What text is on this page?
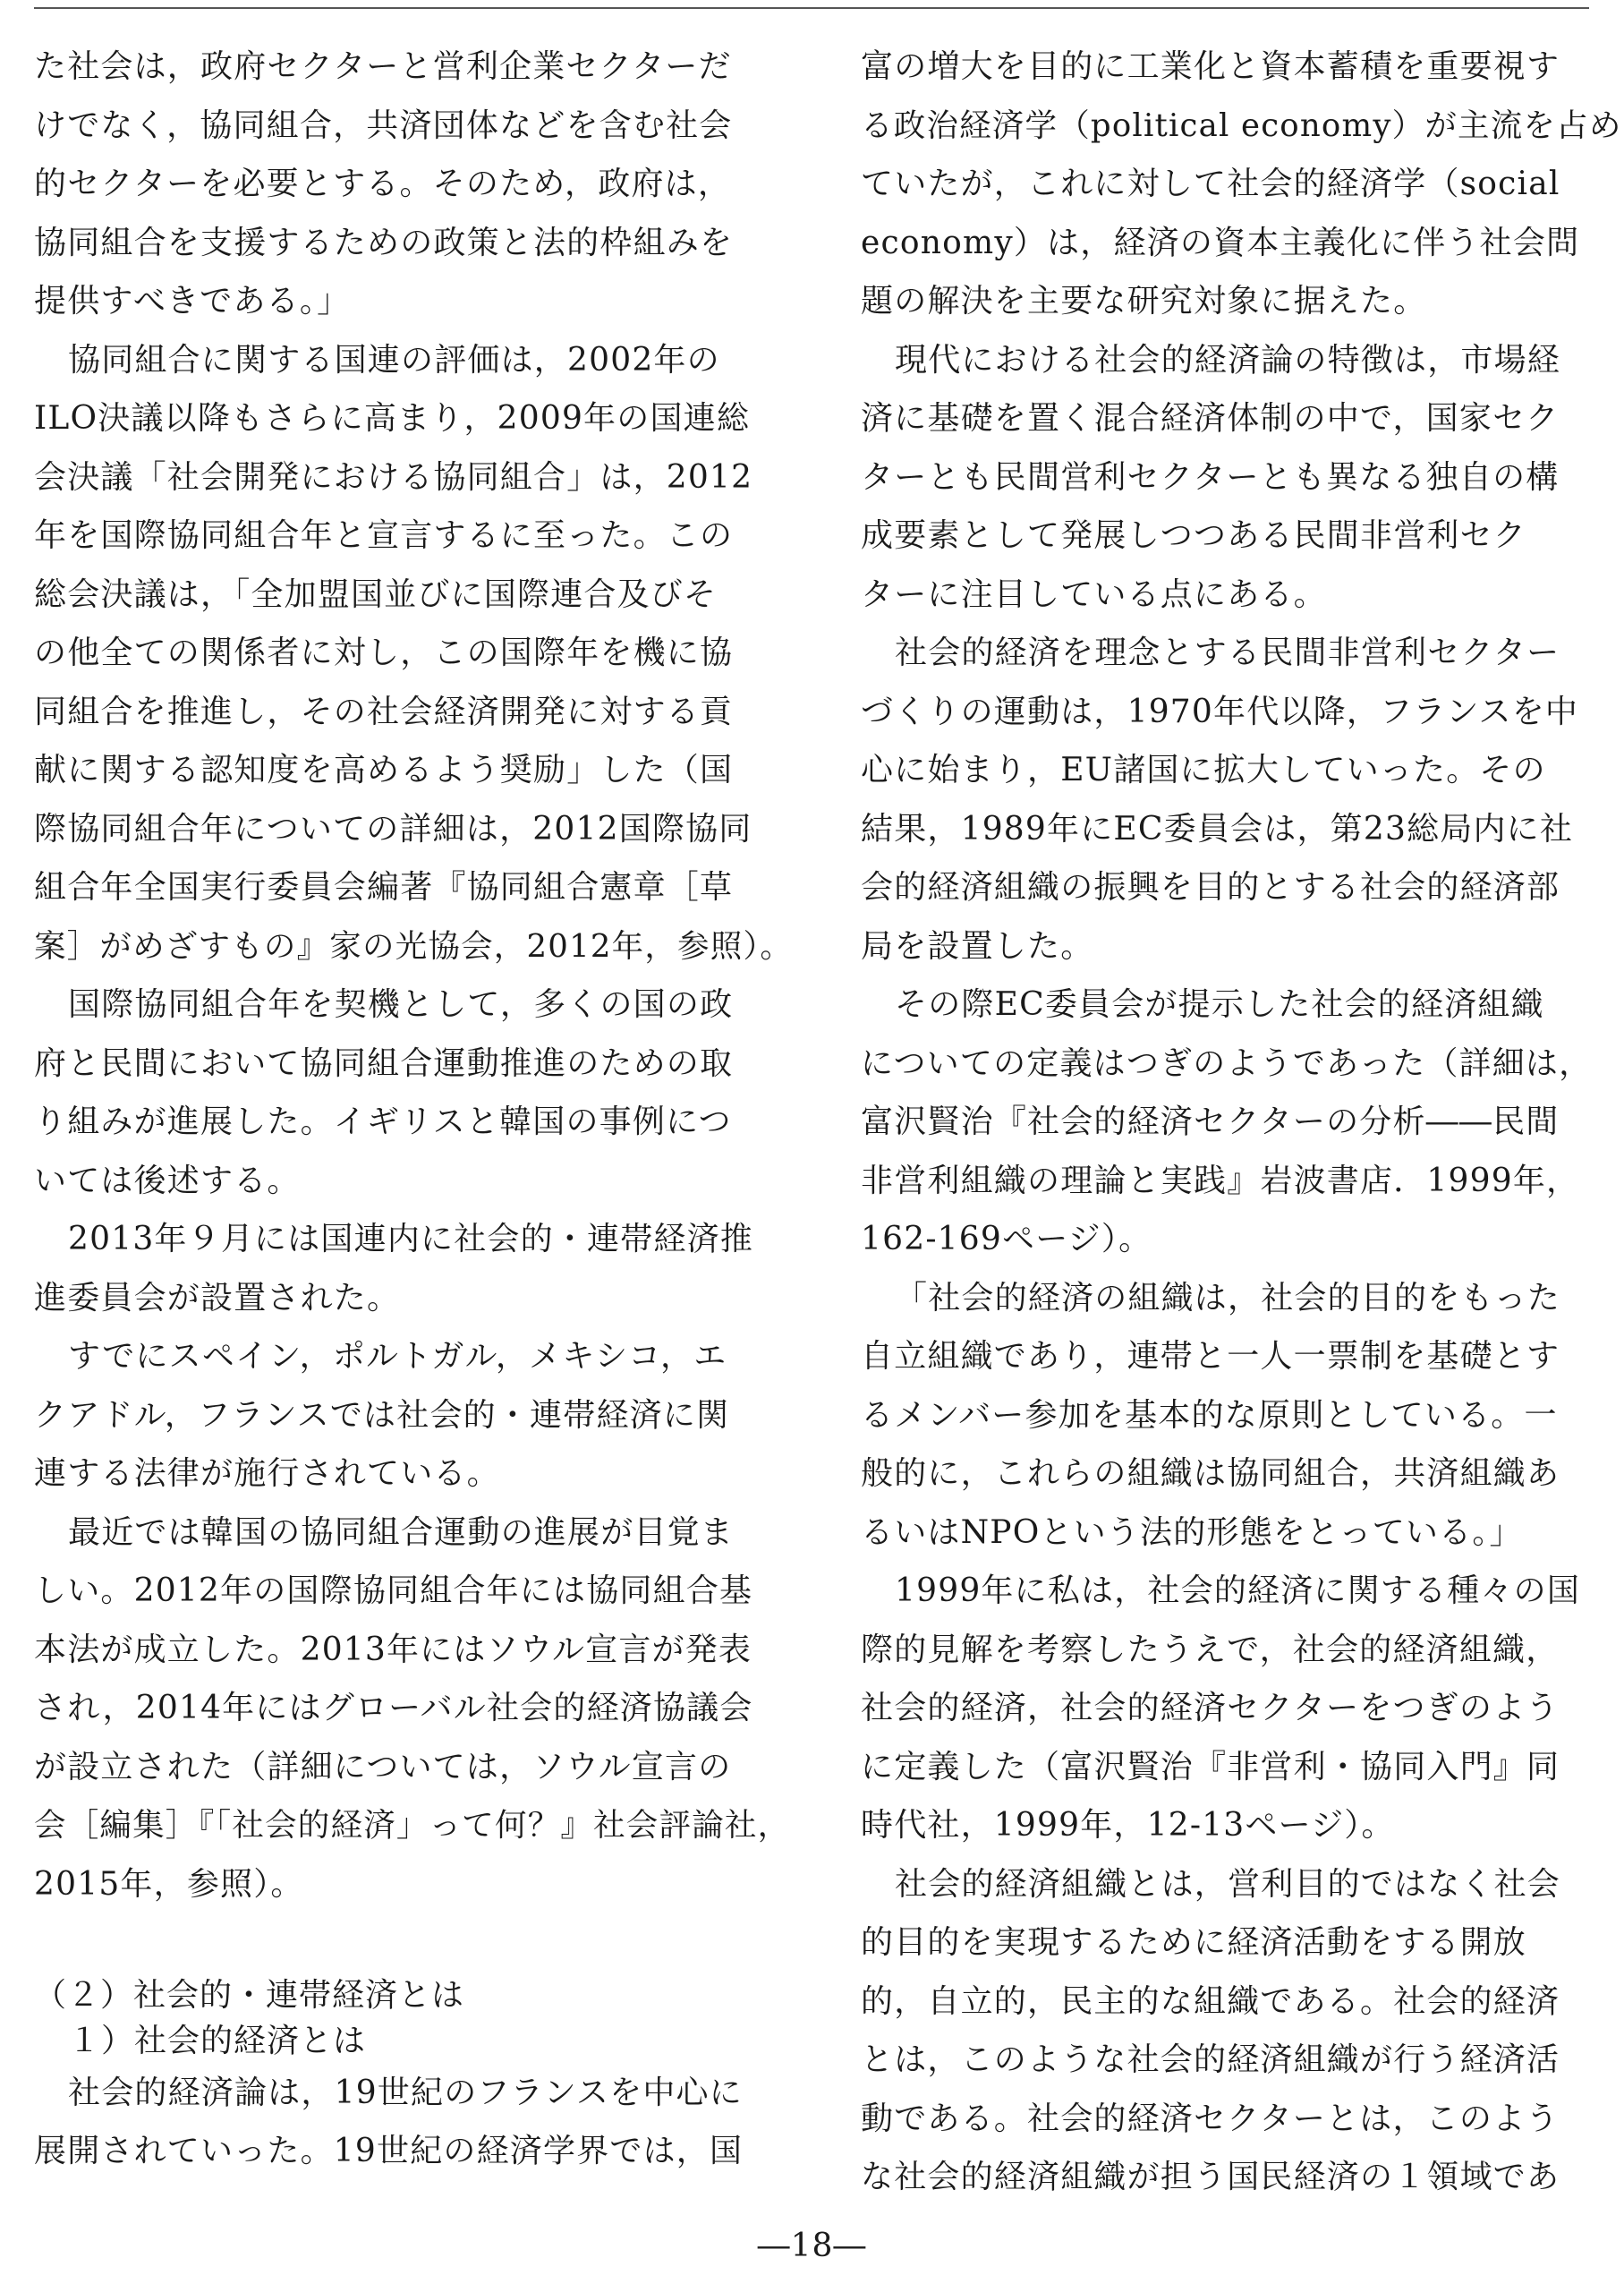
た社会は，政府セクターと営利企業セクターだ
けでなく，協同組合，共済団体などを含む社会
的セクターを必要とする。そのため，政府は，
協同組合を支援するための政策と法的枠組みを
提供すべきである。」
協同組合に関する国連の評価は，2002年の
ILO決議以降もさらに高まり，2009年の国連総
会決議「社会開発における協同組合」は，2012
年を国際協同組合年と宣言するに至った。この
総会決議は，「全加盟国並びに国際連合及びそ
の他全ての関係者に対し，この国際年を機に協
同組合を推進し，その社会経済開発に対する貢
献に関する認知度を高めるよう奨励」した（国
際協同組合年についての詳細は，2012国際協同
組合年全国実行委員会編著『協同組合憲章［草
案］がめざすもの』家の光協会，2012年，参照）。
国際協同組合年を契機として，多くの国の政
府と民間において協同組合運動推進のための取
り組みが進展した。イギリスと韓国の事例につ
いては後述する。
2013年９月には国連内に社会的・連帯経済推
進委員会が設置された。
すでにスペイン，ポルトガル，メキシコ，エ
クアドル，フランスでは社会的・連帯経済に関
連する法律が施行されている。
最近では韓国の協同組合運動の進展が目覚ま
しい。2012年の国際協同組合年には協同組合基
本法が成立した。2013年にはソウル宣言が発表
され，2014年にはグローバル社会的経済協議会
が設立された（詳細については，ソウル宣言の
会［編集］『「社会的経済」って何？』社会評論社，
2015年，参照）。
（２）社会的・連帯経済とは
１）社会的経済とは
社会的経済論は，19世紀のフランスを中心に
展開されていった。19世紀の経済学界では，国
富の増大を目的に工業化と資本蓄積を重要視す
る政治経済学（political economy）が主流を占め
ていたが，これに対して社会的経済学（social
economy）は，経済の資本主義化に伴う社会問
題の解決を主要な研究対象に据えた。
現代における社会的経済論の特徴は，市場経
済に基礎を置く混合経済体制の中で，国家セク
ターとも民間営利セクターとも異なる独自の構
成要素として発展しつつある民間非営利セク
ターに注目している点にある。
社会的経済を理念とする民間非営利セクター
づくりの運動は，1970年代以降，フランスを中
心に始まり，EU諸国に拡大していった。その
結果，1989年にEC委員会は，第23総局内に社
会的経済組織の振興を目的とする社会的経済部
局を設置した。
その際EC委員会が提示した社会的経済組織
についての定義はつぎのようであった（詳細は，
富沢賢治『社会的経済セクターの分析――民間
非営利組織の理論と実践』岩波書店．1999年，
162-169ページ）。
「社会的経済の組織は，社会的目的をもった
自立組織であり，連帯と一人一票制を基礎とす
るメンバー参加を基本的な原則としている。一
般的に，これらの組織は協同組合，共済組織あ
るいはNPOという法的形態をとっている。」
1999年に私は，社会的経済に関する種々の国
際的見解を考察したうえで，社会的経済組織，
社会的経済，社会的経済セクターをつぎのよう
に定義した（富沢賢治『非営利・協同入門』同
時代社，1999年，12-13ページ）。
社会的経済組織とは，営利目的ではなく社会
的目的を実現するために経済活動をする開放
的，自立的，民主的な組織である。社会的経済
とは，このような社会的経済組織が行う経済活
動である。社会的経済セクターとは，このよう
な社会的経済組織が担う国民経済の１領域であ
―18―
